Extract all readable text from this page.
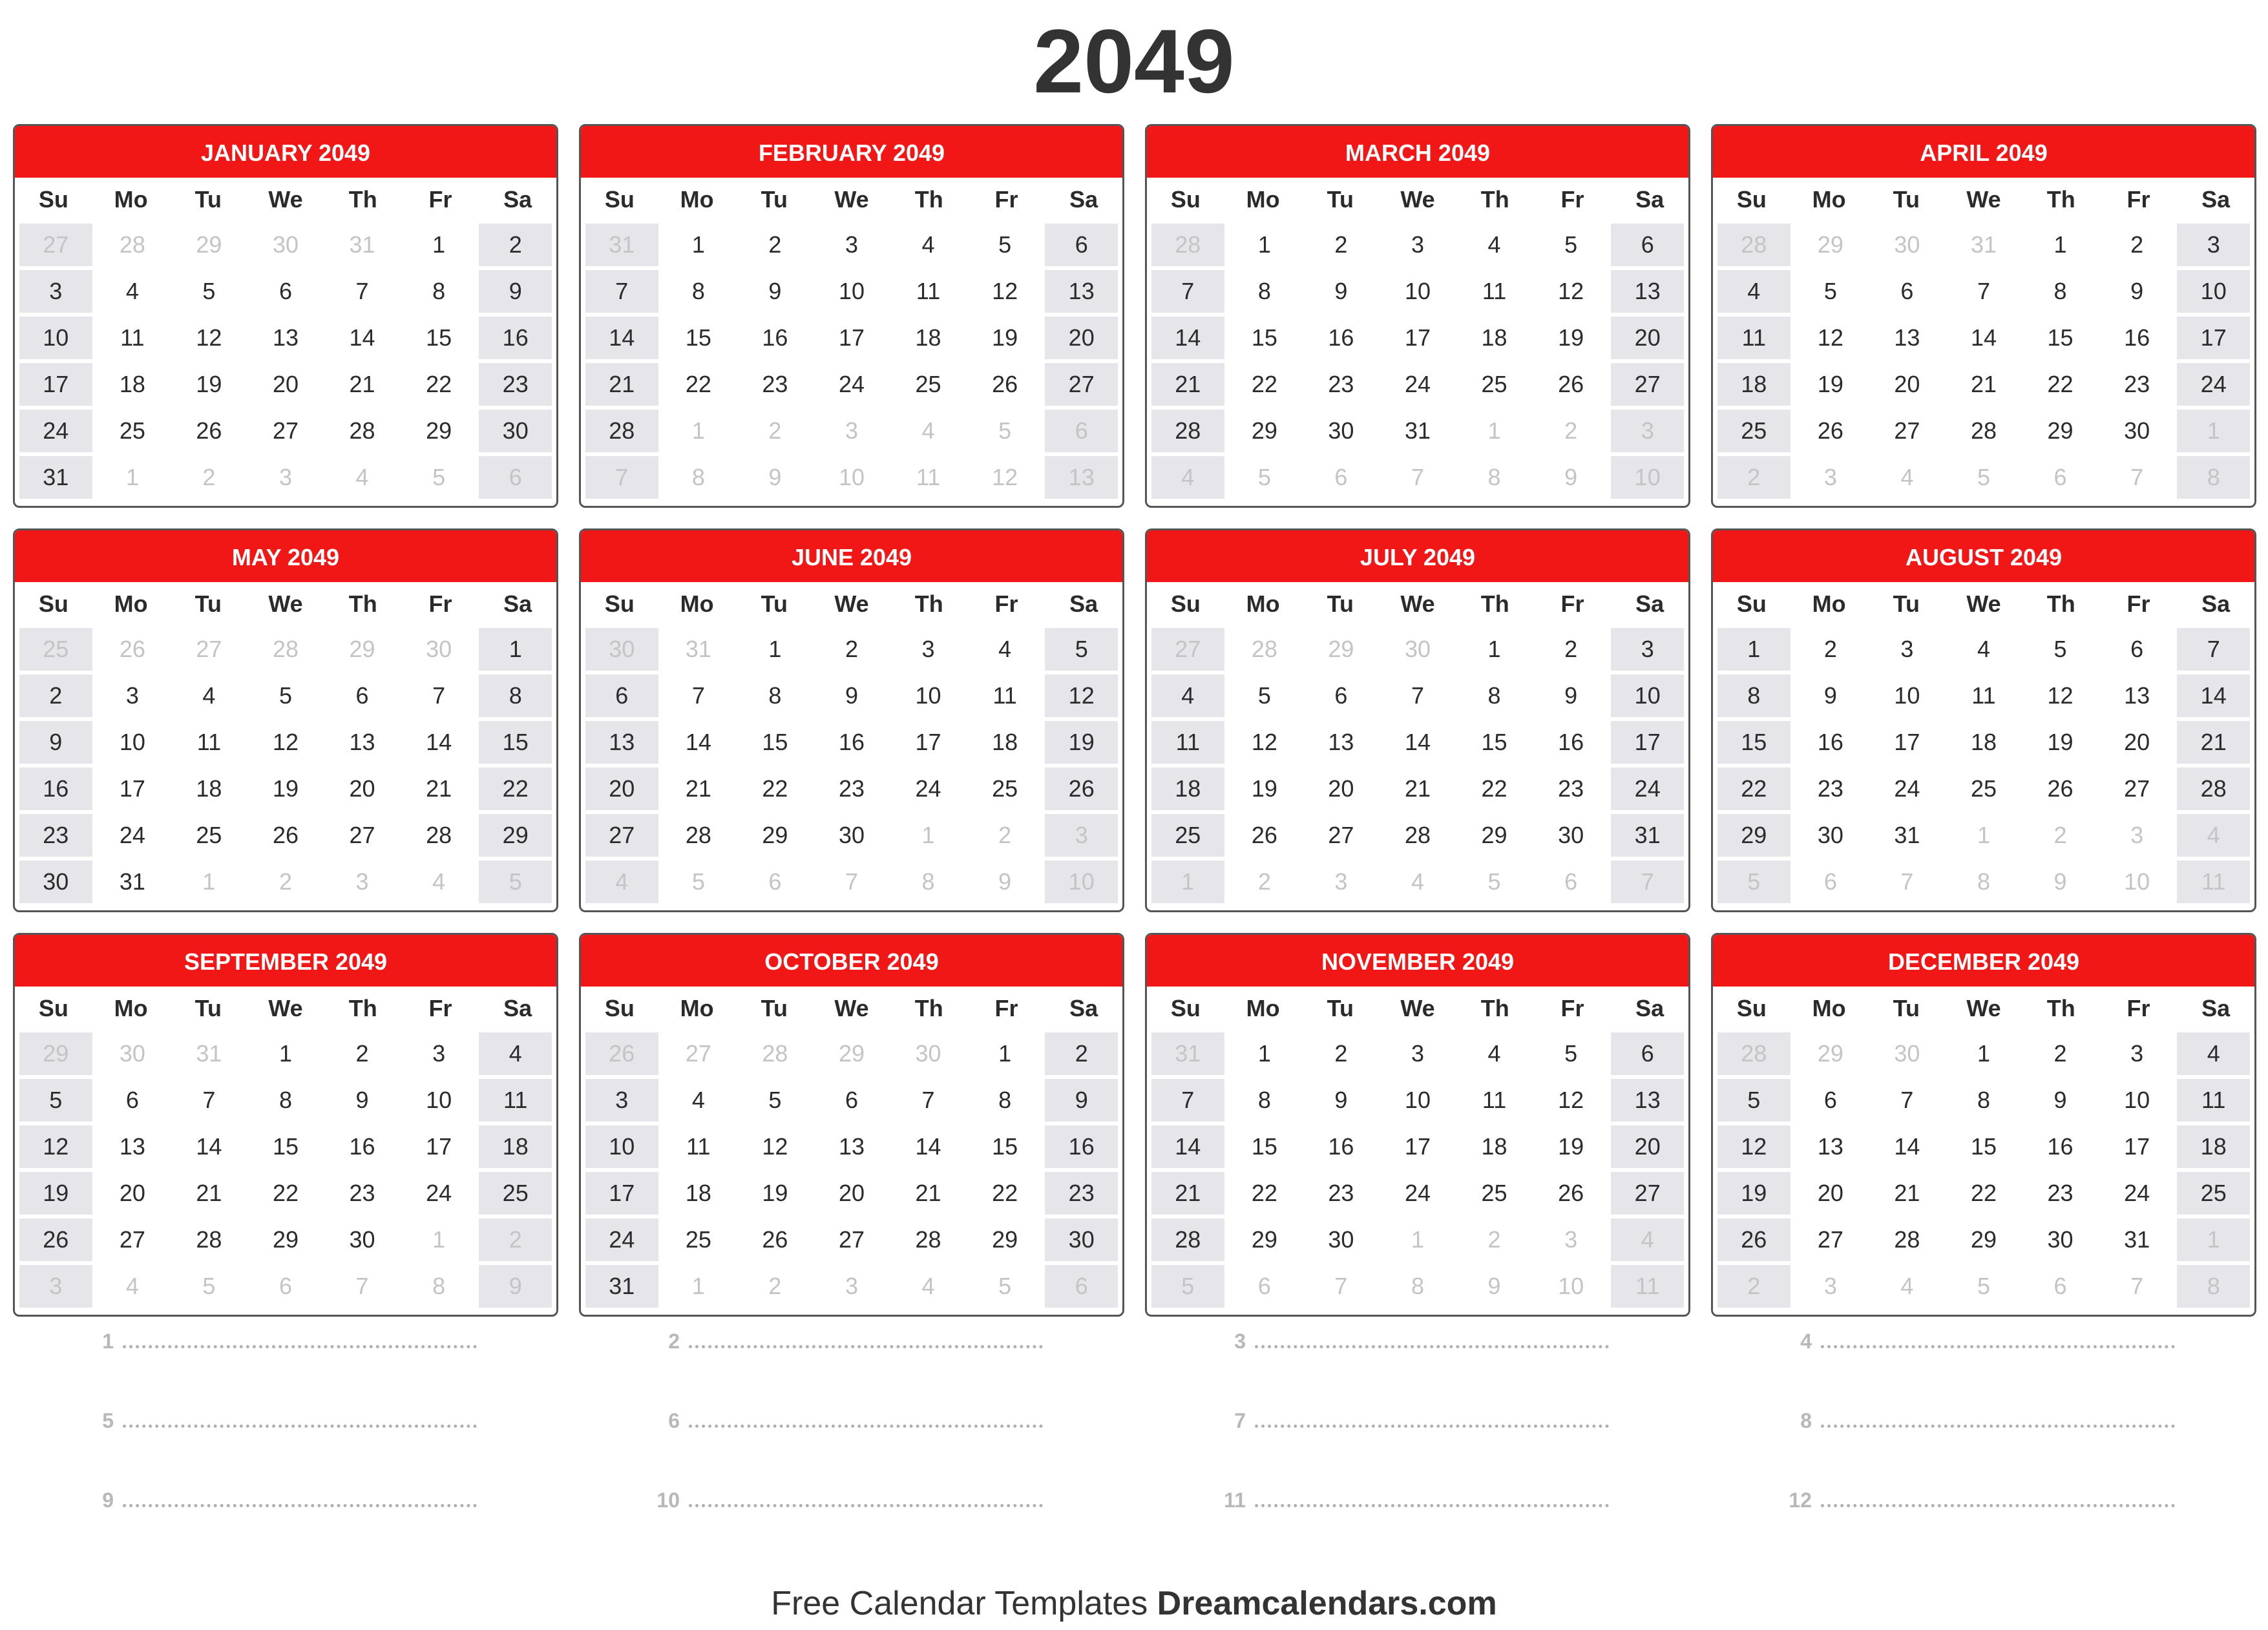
2049
JANUARY 2049
Su	Mo	Tu	We	Th	Fr	Sa
27	28	29	30	31	1	2
3	4	5	6	7	8	9
10	11	12	13	14	15	16
17	18	19	20	21	22	23
24	25	26	27	28	29	30
31	1	2	3	4	5	6
FEBRUARY 2049
Su	Mo	Tu	We	Th	Fr	Sa
31	1	2	3	4	5	6
7	8	9	10	11	12	13
14	15	16	17	18	19	20
21	22	23	24	25	26	27
28	1	2	3	4	5	6
7	8	9	10	11	12	13
MARCH 2049
Su	Mo	Tu	We	Th	Fr	Sa
28	1	2	3	4	5	6
7	8	9	10	11	12	13
14	15	16	17	18	19	20
21	22	23	24	25	26	27
28	29	30	31	1	2	3
4	5	6	7	8	9	10
APRIL 2049
Su	Mo	Tu	We	Th	Fr	Sa
28	29	30	31	1	2	3
4	5	6	7	8	9	10
11	12	13	14	15	16	17
18	19	20	21	22	23	24
25	26	27	28	29	30	1
2	3	4	5	6	7	8
MAY 2049
Su	Mo	Tu	We	Th	Fr	Sa
25	26	27	28	29	30	1
2	3	4	5	6	7	8
9	10	11	12	13	14	15
16	17	18	19	20	21	22
23	24	25	26	27	28	29
30	31	1	2	3	4	5
JUNE 2049
Su	Mo	Tu	We	Th	Fr	Sa
30	31	1	2	3	4	5
6	7	8	9	10	11	12
13	14	15	16	17	18	19
20	21	22	23	24	25	26
27	28	29	30	1	2	3
4	5	6	7	8	9	10
JULY 2049
Su	Mo	Tu	We	Th	Fr	Sa
27	28	29	30	1	2	3
4	5	6	7	8	9	10
11	12	13	14	15	16	17
18	19	20	21	22	23	24
25	26	27	28	29	30	31
1	2	3	4	5	6	7
AUGUST 2049
Su	Mo	Tu	We	Th	Fr	Sa
1	2	3	4	5	6	7
8	9	10	11	12	13	14
15	16	17	18	19	20	21
22	23	24	25	26	27	28
29	30	31	1	2	3	4
5	6	7	8	9	10	11
SEPTEMBER 2049
Su	Mo	Tu	We	Th	Fr	Sa
29	30	31	1	2	3	4
5	6	7	8	9	10	11
12	13	14	15	16	17	18
19	20	21	22	23	24	25
26	27	28	29	30	1	2
3	4	5	6	7	8	9
OCTOBER 2049
Su	Mo	Tu	We	Th	Fr	Sa
26	27	28	29	30	1	2
3	4	5	6	7	8	9
10	11	12	13	14	15	16
17	18	19	20	21	22	23
24	25	26	27	28	29	30
31	1	2	3	4	5	6
NOVEMBER 2049
Su	Mo	Tu	We	Th	Fr	Sa
31	1	2	3	4	5	6
7	8	9	10	11	12	13
14	15	16	17	18	19	20
21	22	23	24	25	26	27
28	29	30	1	2	3	4
5	6	7	8	9	10	11
DECEMBER 2049
Su	Mo	Tu	We	Th	Fr	Sa
28	29	30	1	2	3	4
5	6	7	8	9	10	11
12	13	14	15	16	17	18
19	20	21	22	23	24	25
26	27	28	29	30	31	1
2	3	4	5	6	7	8
1	2	3	4
5	6	7	8
9	10	11	12
Free Calendar Templates Dreamcalendars.com
